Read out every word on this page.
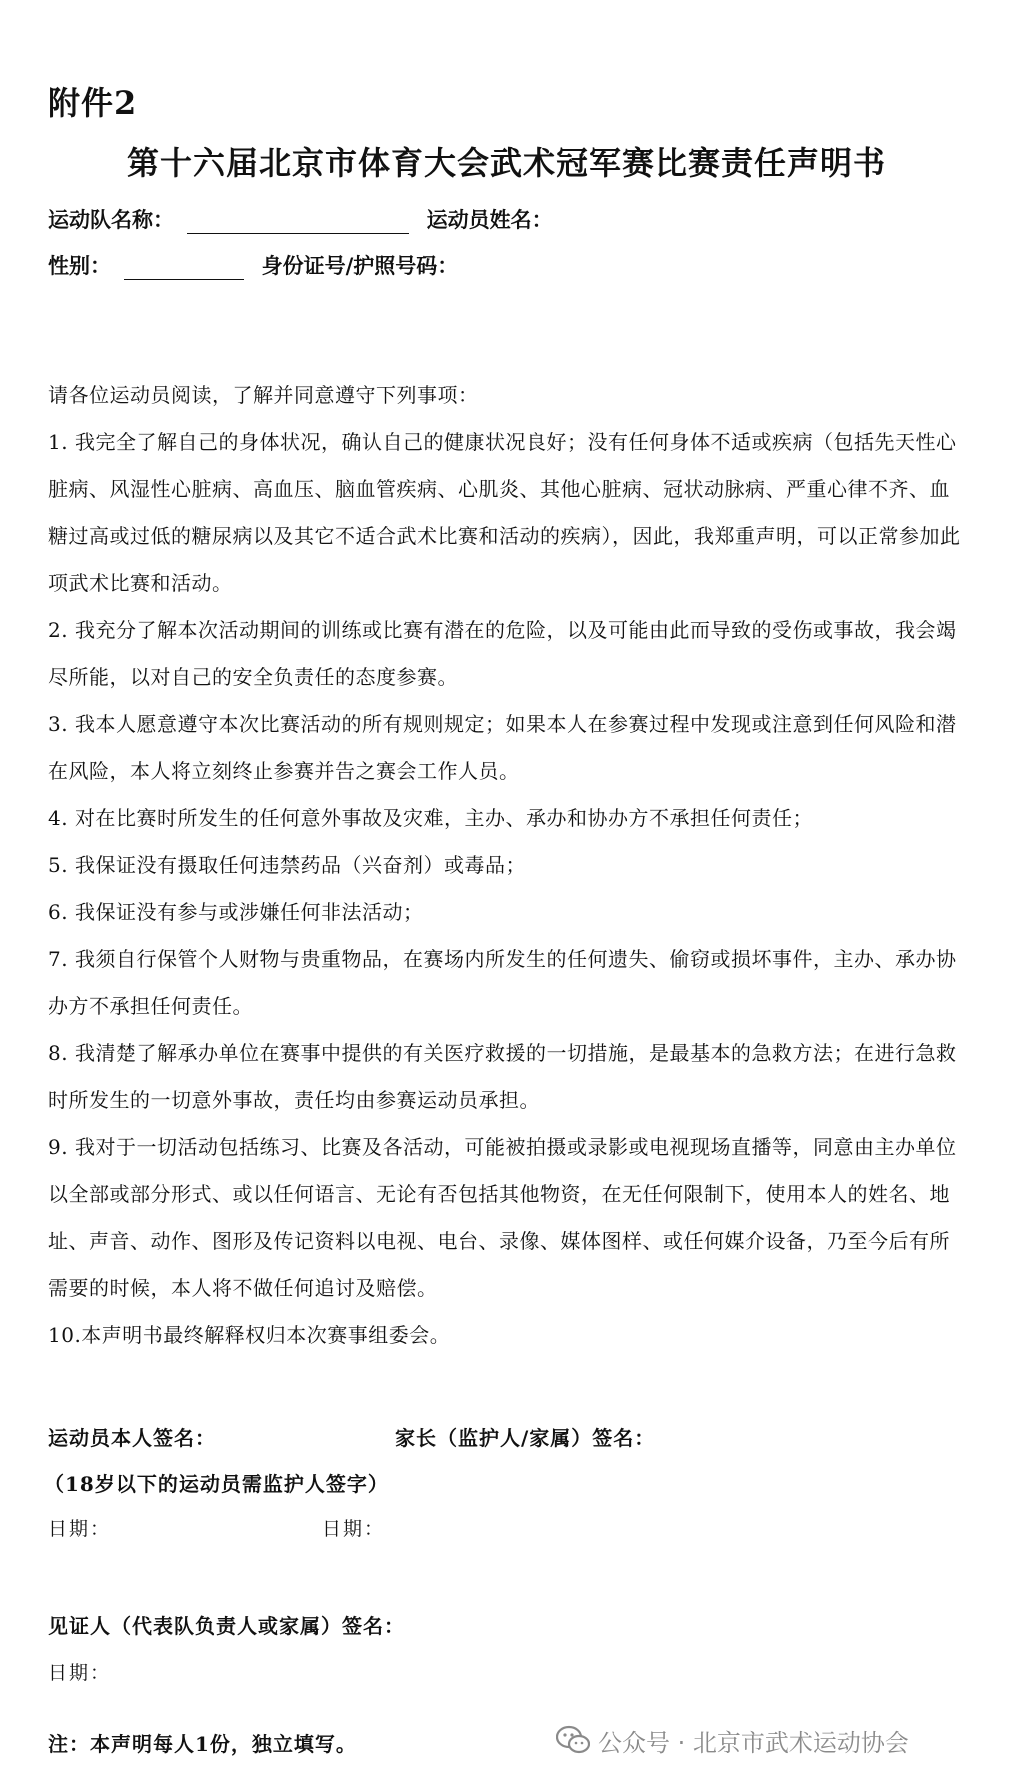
附件2
第十六届北京市体育大会武术冠军赛比赛责任声明书
运动队名称：	运动员姓名：
性别：	身份证号/护照号码：

请各位运动员阅读，了解并同意遵守下列事项：

1. 我完全了解自己的身体状况，确认自己的健康状况良好；没有任何身体不适或疾病（包括先天性心脏病、风湿性心脏病、高血压、脑血管疾病、心肌炎、其他心脏病、冠状动脉病、严重心律不齐、血糖过高或过低的糖尿病以及其它不适合武术比赛和活动的疾病），因此，我郑重声明，可以正常参加此项武术比赛和活动。

2. 我充分了解本次活动期间的训练或比赛有潜在的危险，以及可能由此而导致的受伤或事故，我会竭尽所能，以对自己的安全负责任的态度参赛。

3. 我本人愿意遵守本次比赛活动的所有规则规定；如果本人在参赛过程中发现或注意到任何风险和潜在风险，本人将立刻终止参赛并告之赛会工作人员。

4. 对在比赛时所发生的任何意外事故及灾难，主办、承办和协办方不承担任何责任；

5. 我保证没有摄取任何违禁药品（兴奋剂）或毒品；

6. 我保证没有参与或涉嫌任何非法活动；

7. 我须自行保管个人财物与贵重物品，在赛场内所发生的任何遗失、偷窃或损坏事件，主办、承办协办方不承担任何责任。

8. 我清楚了解承办单位在赛事中提供的有关医疗救援的一切措施，是最基本的急救方法；在进行急救时所发生的一切意外事故，责任均由参赛运动员承担。

9. 我对于一切活动包括练习、比赛及各活动，可能被拍摄或录影或电视现场直播等，同意由主办单位以全部或部分形式、或以任何语言、无论有否包括其他物资，在无任何限制下，使用本人的姓名、地址、声音、动作、图形及传记资料以电视、电台、录像、媒体图样、或任何媒介设备，乃至今后有所需要的时候，本人将不做任何追讨及赔偿。

10.本声明书最终解释权归本次赛事组委会。

运动员本人签名：	家长（监护人/家属）签名：
（18岁以下的运动员需监护人签字）
日期：	日期：
见证人（代表队负责人或家属）签名：
日期：
注：本声明每人1份，独立填写。	公众号 · 北京市武术运动协会
